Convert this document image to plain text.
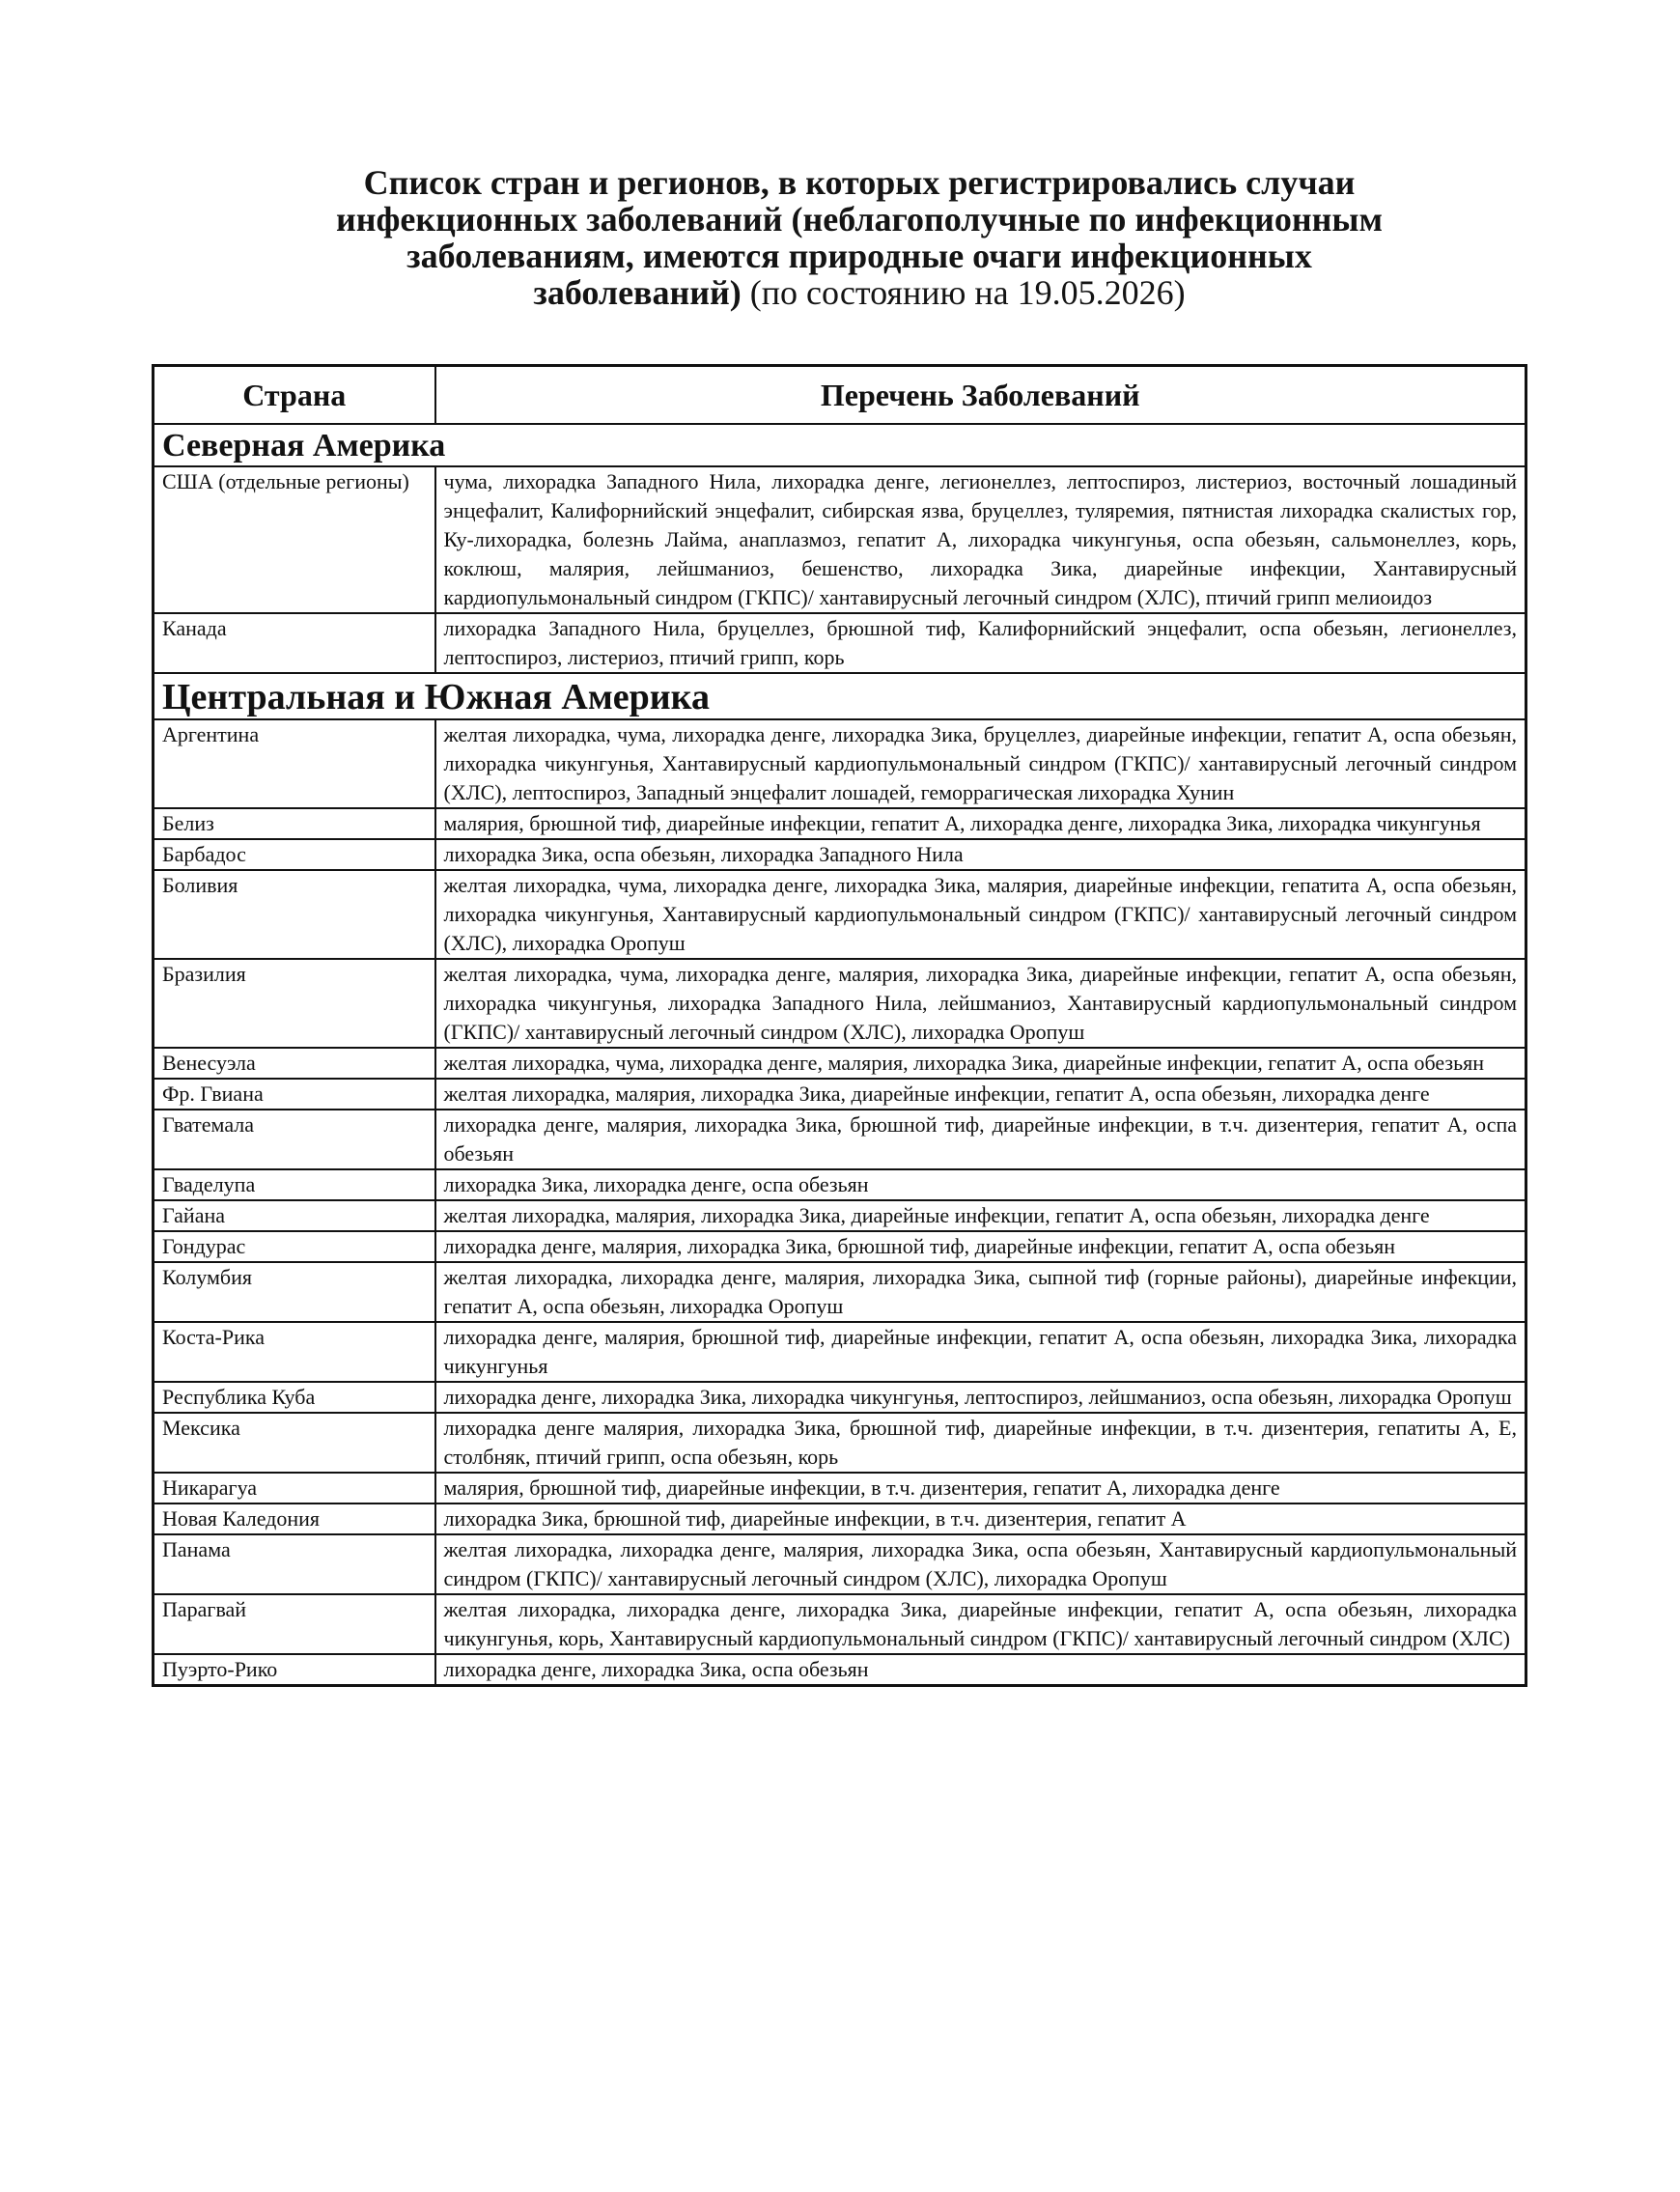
Список стран и регионов, в которых регистрировались случаи
инфекционных заболеваний (неблагополучные по инфекционным
заболеваниям, имеются природные очаги инфекционных
заболеваний) (по состоянию на 19.05.2026)
Страна	Перечень Заболеваний
Северная Америка	
США (отдельные регионы)	чума, лихорадка Западного Нила, лихорадка денге, легионеллез, лептоспироз, листериоз, восточный лошадиный энцефалит, Калифорнийский энцефалит, сибирская язва, бруцеллез, туляремия, пятнистая лихорадка скалистых гор, Ку-лихорадка, болезнь Лайма, анаплазмоз, гепатит А, лихорадка чикунгунья, оспа обезьян, сальмонеллез, корь, коклюш, малярия, лейшманиоз, бешенство, лихорадка Зика, диарейные инфекции, Хантавирусный кардиопульмональный синдром (ГКПС)/ хантавирусный легочный синдром (ХЛС), птичий грипп мелиоидоз
Канада	лихорадка Западного Нила, бруцеллез, брюшной тиф, Калифорнийский энцефалит, оспа обезьян, легионеллез, лептоспироз, листериоз, птичий грипп, корь
Центральная и Южная Америка	
Аргентина	желтая лихорадка, чума, лихорадка денге, лихорадка Зика, бруцеллез, диарейные инфекции, гепатит А, оспа обезьян, лихорадка чикунгунья, Хантавирусный кардиопульмональный синдром (ГКПС)/ хантавирусный легочный синдром (ХЛС), лептоспироз, Западный энцефалит лошадей, геморрагическая лихорадка Хунин
Белиз	малярия, брюшной тиф, диарейные инфекции, гепатит А, лихорадка денге, лихорадка Зика, лихорадка чикунгунья
Барбадос	лихорадка Зика, оспа обезьян, лихорадка Западного Нила
Боливия	желтая лихорадка, чума, лихорадка денге, лихорадка Зика, малярия, диарейные инфекции, гепатита А, оспа обезьян, лихорадка чикунгунья, Хантавирусный кардиопульмональный синдром (ГКПС)/ хантавирусный легочный синдром (ХЛС), лихорадка Оропуш
Бразилия	желтая лихорадка, чума, лихорадка денге, малярия, лихорадка Зика, диарейные инфекции, гепатит А, оспа обезьян, лихорадка чикунгунья, лихорадка Западного Нила, лейшманиоз, Хантавирусный кардиопульмональный синдром (ГКПС)/ хантавирусный легочный синдром (ХЛС), лихорадка Оропуш
Венесуэла	желтая лихорадка, чума, лихорадка денге, малярия, лихорадка Зика, диарейные инфекции, гепатит А, оспа обезьян
Фр. Гвиана	желтая лихорадка, малярия, лихорадка Зика, диарейные инфекции, гепатит А, оспа обезьян, лихорадка денге
Гватемала	лихорадка денге, малярия, лихорадка Зика, брюшной тиф, диарейные инфекции, в т.ч. дизентерия, гепатит А, оспа обезьян
Гваделупа	лихорадка Зика, лихорадка денге, оспа обезьян
Гайана	желтая лихорадка, малярия, лихорадка Зика, диарейные инфекции, гепатит А, оспа обезьян, лихорадка денге
Гондурас	лихорадка денге, малярия, лихорадка Зика, брюшной тиф, диарейные инфекции, гепатит А, оспа обезьян
Колумбия	желтая лихорадка, лихорадка денге, малярия, лихорадка Зика, сыпной тиф (горные районы), диарейные инфекции, гепатит А, оспа обезьян, лихорадка Оропуш
Коста-Рика	лихорадка денге, малярия, брюшной тиф, диарейные инфекции, гепатит А, оспа обезьян, лихорадка Зика, лихорадка чикунгунья
Республика Куба	лихорадка денге, лихорадка Зика, лихорадка чикунгунья, лептоспироз, лейшманиоз, оспа обезьян, лихорадка Оропуш
Мексика	лихорадка денге малярия, лихорадка Зика, брюшной тиф, диарейные инфекции, в т.ч. дизентерия, гепатиты А, Е, столбняк, птичий грипп, оспа обезьян, корь
Никарагуа	малярия, брюшной тиф, диарейные инфекции, в т.ч. дизентерия, гепатит А, лихорадка денге
Новая Каледония	лихорадка Зика, брюшной тиф, диарейные инфекции, в т.ч. дизентерия, гепатит А
Панама	желтая лихорадка, лихорадка денге, малярия, лихорадка Зика, оспа обезьян, Хантавирусный кардиопульмональный синдром (ГКПС)/ хантавирусный легочный синдром (ХЛС), лихорадка Оропуш
Парагвай	желтая лихорадка, лихорадка денге, лихорадка Зика, диарейные инфекции, гепатит А, оспа обезьян, лихорадка чикунгунья, корь, Хантавирусный кардиопульмональный синдром (ГКПС)/ хантавирусный легочный синдром (ХЛС)
Пуэрто-Рико	лихорадка денге, лихорадка Зика, оспа обезьян
